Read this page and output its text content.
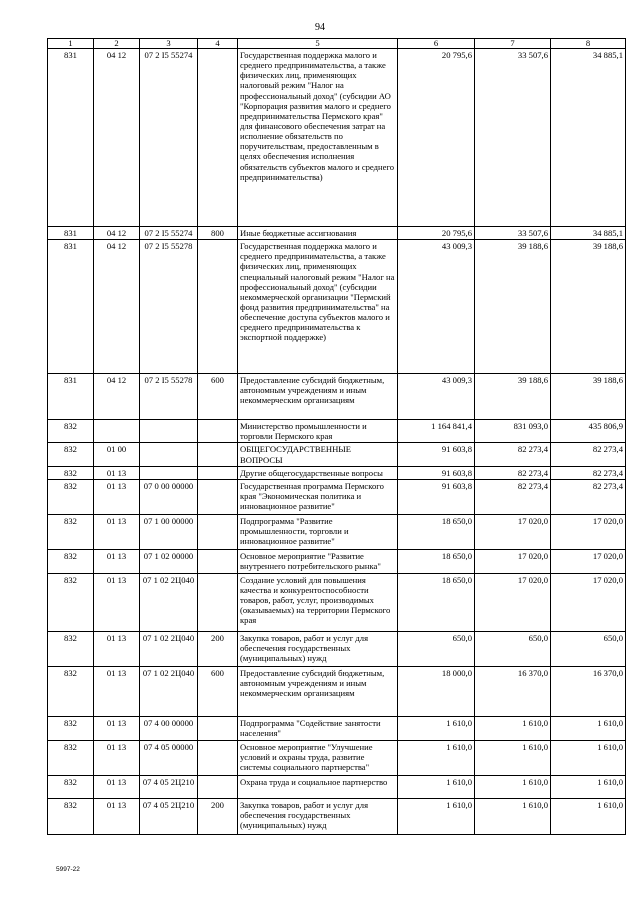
94
1	2	3	4	5	6	7	8
831	04 12	07 2 I5 55274		Государственная поддержка малого и среднего предпринимательства, а также физических лиц, применяющих налоговый режим "Налог на профессиональный доход" (субсидии АО "Корпорация развития малого и среднего предпринимательства Пермского края" для финансового обеспечения затрат на исполнение обязательств по поручительствам, предоставленным в целях обеспечения исполнения обязательств субъектов малого и среднего предпринимательства)	20 795,6	33 507,6	34 885,1
831	04 12	07 2 I5 55274	800	Иные бюджетные ассигнования	20 795,6	33 507,6	34 885,1
831	04 12	07 2 I5 55278		Государственная поддержка малого и среднего предпринимательства, а также физических лиц, применяющих специальный налоговый режим "Налог на профессиональный доход" (субсидии некоммерческой организации "Пермский фонд развития предпринимательства" на обеспечение доступа субъектов малого и среднего предпринимательства к экспортной поддержке)	43 009,3	39 188,6	39 188,6
831	04 12	07 2 I5 55278	600	Предоставление субсидий бюджетным, автономным учреждениям и иным некоммерческим организациям	43 009,3	39 188,6	39 188,6
832				Министерство промышленности и торговли Пермского края	1 164 841,4	831 093,0	435 806,9
832	01 00			ОБЩЕГОСУДАРСТВЕННЫЕ ВОПРОСЫ	91 603,8	82 273,4	82 273,4
832	01 13			Другие общегосударственные вопросы	91 603,8	82 273,4	82 273,4
832	01 13	07 0 00 00000		Государственная программа Пермского края "Экономическая политика и инновационное развитие"	91 603,8	82 273,4	82 273,4
832	01 13	07 1 00 00000		Подпрограмма "Развитие промышленности, торговли и инновационное развитие"	18 650,0	17 020,0	17 020,0
832	01 13	07 1 02 00000		Основное мероприятие "Развитие внутреннего потребительского рынка"	18 650,0	17 020,0	17 020,0
832	01 13	07 1 02 2Ц040		Создание условий для повышения качества и конкурентоспособности товаров, работ, услуг, производимых (оказываемых) на территории Пермского края	18 650,0	17 020,0	17 020,0
832	01 13	07 1 02 2Ц040	200	Закупка товаров, работ и услуг для обеспечения государственных (муниципальных) нужд	650,0	650,0	650,0
832	01 13	07 1 02 2Ц040	600	Предоставление субсидий бюджетным, автономным учреждениям и иным некоммерческим организациям	18 000,0	16 370,0	16 370,0
832	01 13	07 4 00 00000		Подпрограмма "Содействие занятости населения"	1 610,0	1 610,0	1 610,0
832	01 13	07 4 05 00000		Основное мероприятие "Улучшение условий и охраны труда, развитие системы социального партнерства"	1 610,0	1 610,0	1 610,0
832	01 13	07 4 05 2Ц210		Охрана труда и социальное партнерство	1 610,0	1 610,0	1 610,0
832	01 13	07 4 05 2Ц210	200	Закупка товаров, работ и услуг для обеспечения государственных (муниципальных) нужд	1 610,0	1 610,0	1 610,0
5997-22
